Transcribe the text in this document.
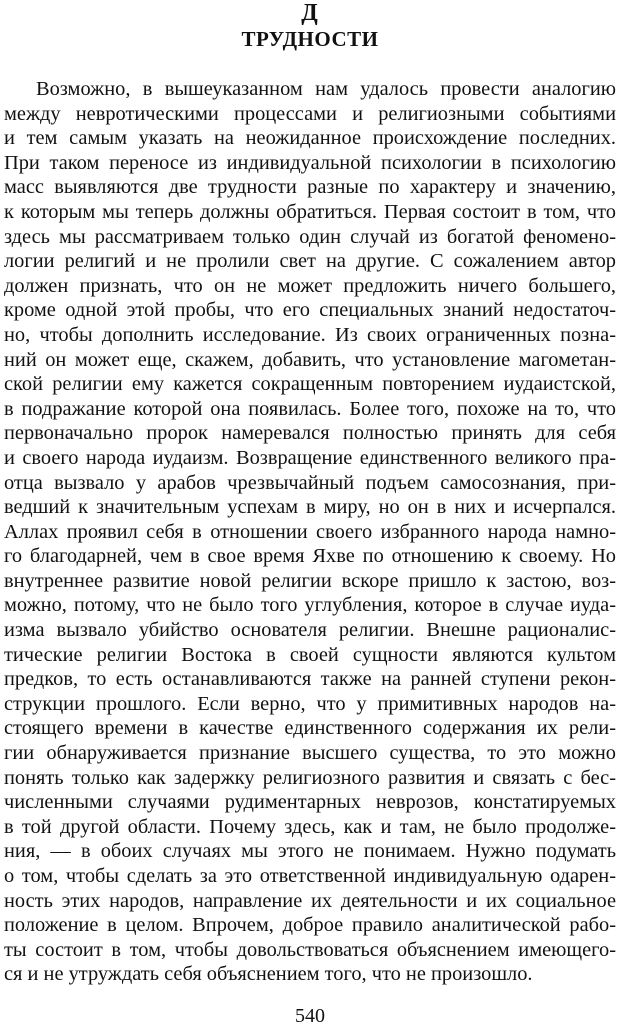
Д
ТРУДНОСТИ
Возможно, в вышеуказанном нам удалось провести аналогию
между невротическими процессами и религиозными событиями
и тем самым указать на неожиданное происхождение последних.
При таком переносе из индивидуальной психологии в психологию
масс выявляются две трудности разные по характеру и значению,
к которым мы теперь должны обратиться. Первая состоит в том, что
здесь мы рассматриваем только один случай из богатой феномено-
логии религий и не пролили свет на другие. С сожалением автор
должен признать, что он не может предложить ничего большего,
кроме одной этой пробы, что его специальных знаний недостаточ-
но, чтобы дополнить исследование. Из своих ограниченных позна-
ний он может еще, скажем, добавить, что установление магометан-
ской религии ему кажется сокращенным повторением иудаистской,
в подражание которой она появилась. Более того, похоже на то, что
первоначально пророк намеревался полностью принять для себя
и своего народа иудаизм. Возвращение единственного великого пра-
отца вызвало у арабов чрезвычайный подъем самосознания, при-
ведший к значительным успехам в миру, но он в них и исчерпался.
Аллах проявил себя в отношении своего избранного народа намно-
го благодарней, чем в свое время Яхве по отношению к своему. Но
внутреннее развитие новой религии вскоре пришло к застою, воз-
можно, потому, что не было того углубления, которое в случае иуда-
изма вызвало убийство основателя религии. Внешне рационалис-
тические религии Востока в своей сущности являются культом
предков, то есть останавливаются также на ранней ступени рекон-
струкции прошлого. Если верно, что у примитивных народов на-
стоящего времени в качестве единственного содержания их рели-
гии обнаруживается признание высшего существа, то это можно
понять только как задержку религиозного развития и связать с бес-
численными случаями рудиментарных неврозов, констатируемых
в той другой области. Почему здесь, как и там, не было продолже-
ния, — в обоих случаях мы этого не понимаем. Нужно подумать
о том, чтобы сделать за это ответственной индивидуальную одарен-
ность этих народов, направление их деятельности и их социальное
положение в целом. Впрочем, доброе правило аналитической рабо-
ты состоит в том, чтобы довольствоваться объяснением имеющего-
ся и не утруждать себя объяснением того, что не произошло.
540
